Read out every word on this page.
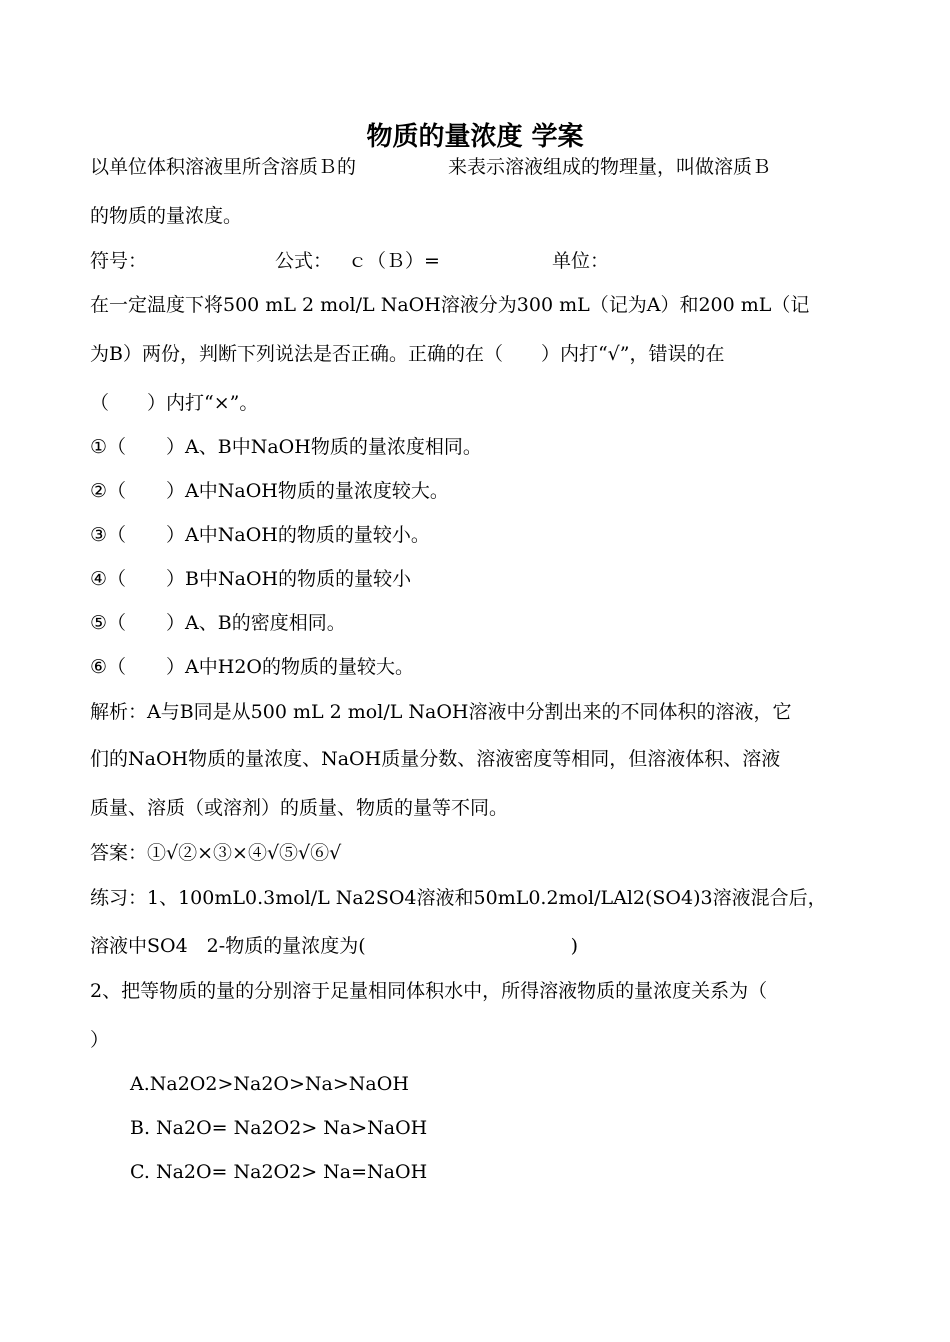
物质的量浓度 学案
以单位体积溶液里所含溶质Ｂ的	来表示溶液组成的物理量，叫做溶质Ｂ
的物质的量浓度。
符号：	公式： ｃ（Ｂ）=	单位：
在一定温度下将500 mL 2 mol/L NaOH溶液分为300 mL（记为A）和200 mL（记
为B）两份，判断下列说法是否正确。正确的在（　　）内打“√”，错误的在
（　　）内打“×”。
①（ ）A、B中NaOH物质的量浓度相同。
②（ ）A中NaOH物质的量浓度较大。
③（ ）A中NaOH的物质的量较小。
④（ ）B中NaOH的物质的量较小
⑤（ ）A、B的密度相同。
⑥（ ）A中H2O的物质的量较大。
解析：A与B同是从500 mL 2 mol/L NaOH溶液中分割出来的不同体积的溶液，它
们的NaOH物质的量浓度、NaOH质量分数、溶液密度等相同，但溶液体积、溶液
质量、溶质（或溶剂）的质量、物质的量等不同。
答案：①√②×③×④√⑤√⑥√
练习：1、100mL0.3mol/L Na2SO4溶液和50mL0.2mol/LAl2(SO4)3溶液混合后，
溶液中SO4　2-物质的量浓度为(	)
2、把等物质的量的分别溶于足量相同体积水中，所得溶液物质的量浓度关系为（
）
A.Na2O2>Na2O>Na>NaOH
B. Na2O= Na2O2> Na>NaOH
C. Na2O= Na2O2> Na=NaOH
